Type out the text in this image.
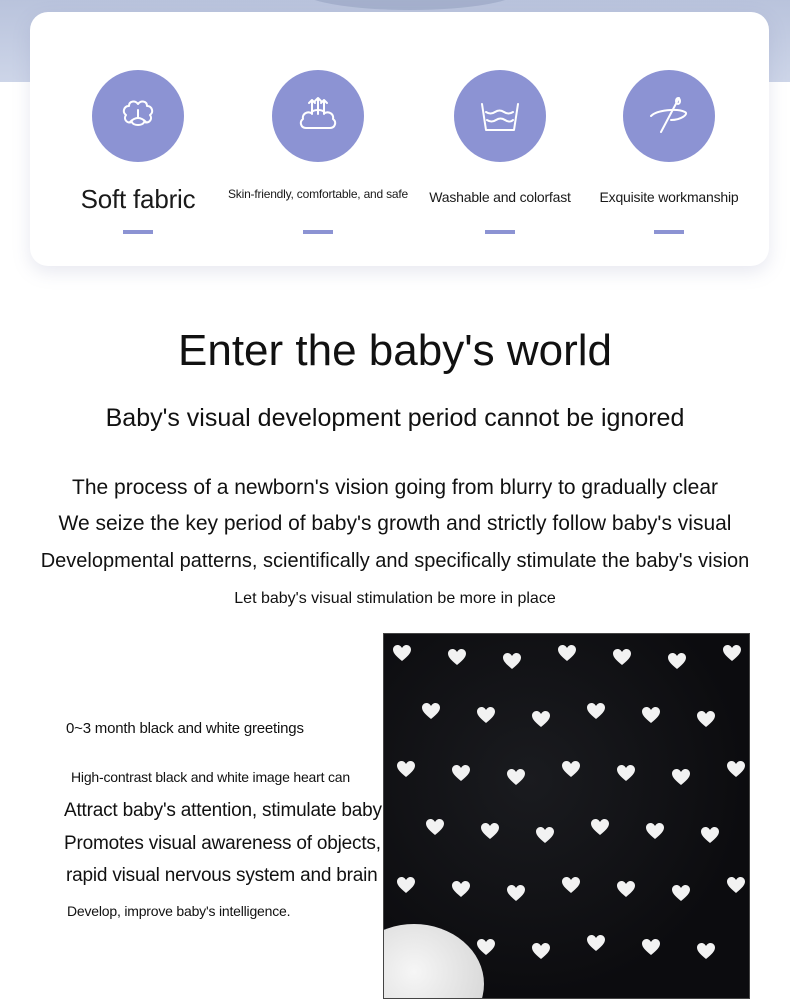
Soft fabric	Skin-friendly, comfortable, and safe	Washable and colorfast	Exquisite workmanship
Enter the baby's world
Baby's visual development period cannot be ignored
The process of a newborn's vision going from blurry to gradually clear
We seize the key period of baby's growth and strictly follow baby's visual
Developmental patterns, scientifically and specifically stimulate the baby's vision
Let baby's visual stimulation be more in place
0~3 month black and white greetings
High-contrast black and white image heart can
Attract baby's attention, stimulate baby
Promotes visual awareness of objects,
rapid visual nervous system and brain
Develop, improve baby's intelligence.
